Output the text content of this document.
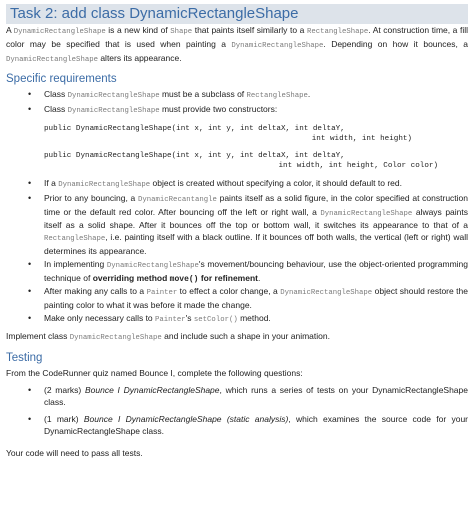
Task 2: add class DynamicRectangleShape

A DynamicRectangleShape is a new kind of Shape that paints itself similarly to a RectangleShape. At construction time, a fill color may be specified that is used when painting a DynamicRectangleShape. Depending on how it bounces, a DynamicRectangleShape alters its appearance.

Specific requirements
• Class DynamicRectangleShape must be a subclass of RectangleShape.
• Class DynamicRectangleShape must provide two constructors:
public DynamicRectangleShape(int x, int y, int deltaX, int deltaY,
int width, int height)
public DynamicRectangleShape(int x, int y, int deltaX, int deltaY,
int width, int height, Color color)
• If a DynamicRectangleShape object is created without specifying a color, it should default to red.
• Prior to any bouncing, a DynamicRecantangle paints itself as a solid figure, in the color specified at construction time or the default red color. After bouncing off the left or right wall, a DynamicRectangleShape always paints itself as a solid shape. After it bounces off the top or bottom wall, it switches its appearance to that of a RectangleShape, i.e. painting itself with a black outline. If it bounces off both walls, the vertical (left or right) wall determines its appearance.
• In implementing DynamicRectangleShape's movement/bouncing behaviour, use the object-oriented programming technique of overriding method move() for refinement.
• After making any calls to a Painter to effect a color change, a DynamicRectangleShape object should restore the painting color to what it was before it made the change.
• Make only necessary calls to Painter's setColor() method.

Implement class DynamicRectangleShape and include such a shape in your animation.

Testing

From the CodeRunner quiz named Bounce I, complete the following questions:

• (2 marks) Bounce I DynamicRectangleShape, which runs a series of tests on your DynamicRectangleShape class.
• (1 mark) Bounce I DynamicRectangleShape (static analysis), which examines the source code for your DynamicRectangleShape class.

Your code will need to pass all tests.
